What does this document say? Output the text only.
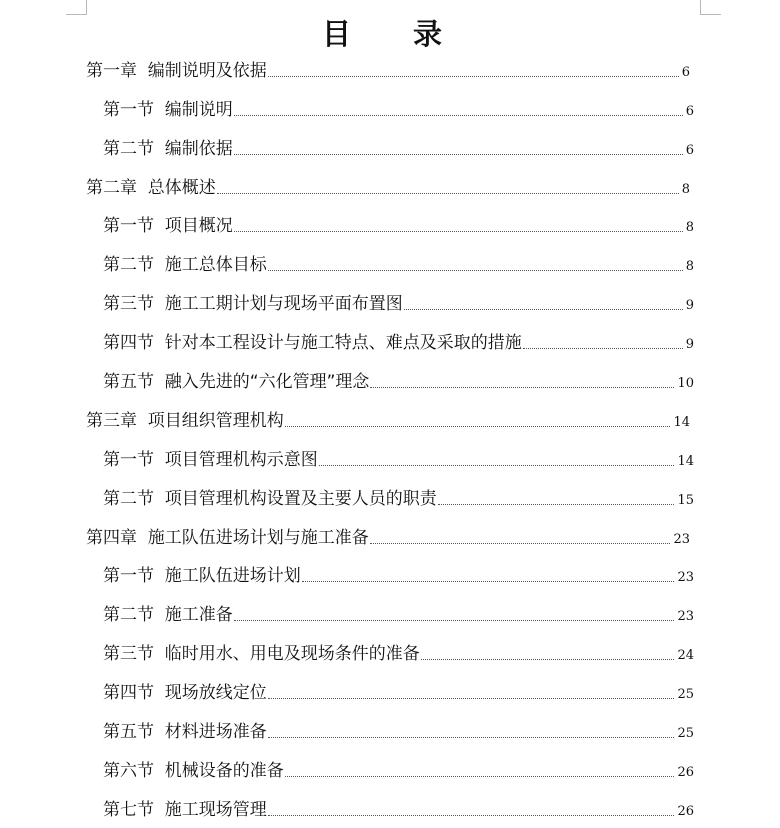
目 录
第一章  编制说明及依据	6
第一节  编制说明	6
第二节  编制依据	6
第二章  总体概述	8
第一节  项目概况	8
第二节  施工总体目标	8
第三节  施工工期计划与现场平面布置图	9
第四节  针对本工程设计与施工特点、难点及采取的措施	9
第五节  融入先进的“六化管理”理念	10
第三章  项目组织管理机构	14
第一节  项目管理机构示意图	14
第二节  项目管理机构设置及主要人员的职责	15
第四章  施工队伍进场计划与施工准备	23
第一节  施工队伍进场计划	23
第二节  施工准备	23
第三节  临时用水、用电及现场条件的准备	24
第四节  现场放线定位	25
第五节  材料进场准备	25
第六节  机械设备的准备	26
第七节  施工现场管理	26
